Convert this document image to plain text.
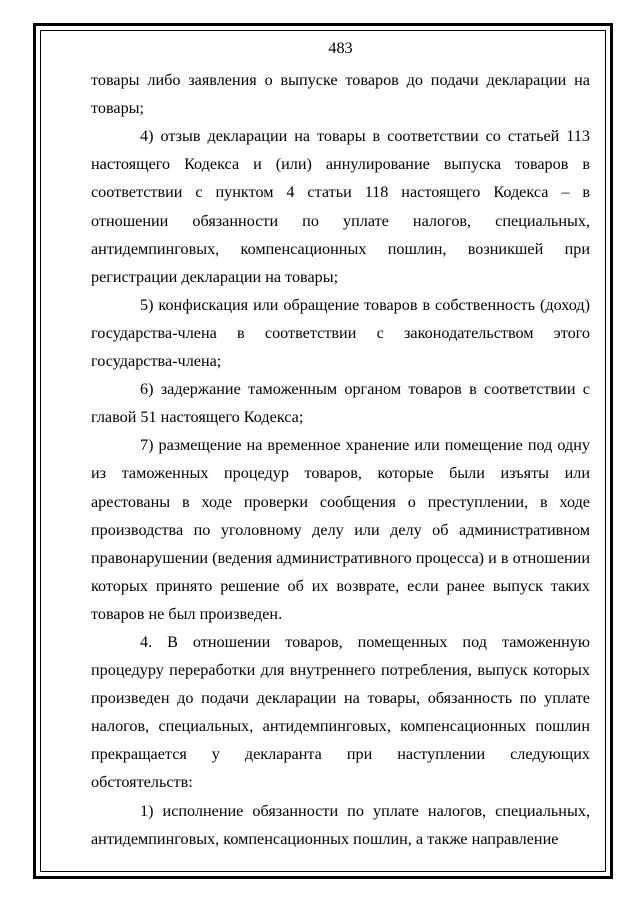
483

товары либо заявления о выпуске товаров до подачи декларации на товары;

4) отзыв декларации на товары в соответствии со статьей 113 настоящего Кодекса и (или) аннулирование выпуска товаров в соответствии с пунктом 4 статьи 118 настоящего Кодекса – в отношении обязанности по уплате налогов, специальных, антидемпинговых, компенсационных пошлин, возникшей при регистрации декларации на товары;

5) конфискация или обращение товаров в собственность (доход) государства-члена в соответствии с законодательством этого государства-члена;

6) задержание таможенным органом товаров в соответствии с главой 51 настоящего Кодекса;

7) размещение на временное хранение или помещение под одну из таможенных процедур товаров, которые были изъяты или арестованы в ходе проверки сообщения о преступлении, в ходе производства по уголовному делу или делу об административном правонарушении (ведения административного процесса) и в отношении которых принято решение об их возврате, если ранее выпуск таких товаров не был произведен.

4. В отношении товаров, помещенных под таможенную процедуру переработки для внутреннего потребления, выпуск которых произведен до подачи декларации на товары, обязанность по уплате налогов, специальных, антидемпинговых, компенсационных пошлин прекращается у декларанта при наступлении следующих обстоятельств:

1) исполнение обязанности по уплате налогов, специальных, антидемпинговых, компенсационных пошлин, а также направление
